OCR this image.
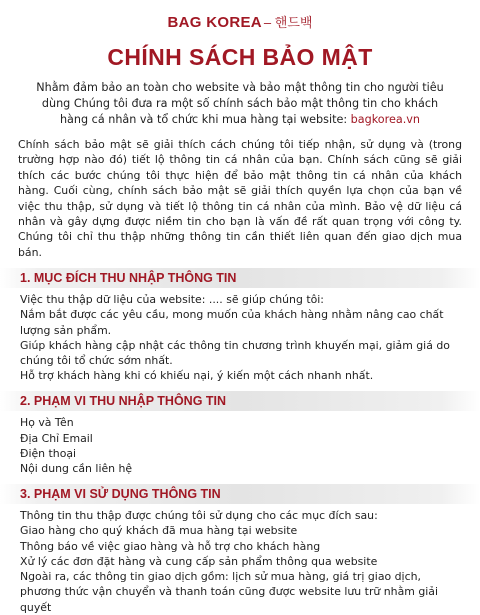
BAG KOREA – 핸드백
CHÍNH SÁCH BẢO MẬT
Nhằm đảm bảo an toàn cho website và bảo mật thông tin cho người tiêu dùng Chúng tôi đưa ra một số chính sách bảo mật thông tin cho khách hàng cá nhân và tổ chức khi mua hàng tại website: bagkorea.vn

Chính sách bảo mật sẽ giải thích cách chúng tôi tiếp nhận, sử dụng và (trong trường hợp nào đó) tiết lộ thông tin cá nhân của bạn. Chính sách cũng sẽ giải thích các bước chúng tôi thực hiện để bảo mật thông tin cá nhân của khách hàng. Cuối cùng, chính sách bảo mật sẽ giải thích quyền lựa chọn của bạn về việc thu thập, sử dụng và tiết lộ thông tin cá nhân của mình. Bảo vệ dữ liệu cá nhân và gây dựng được niềm tin cho bạn là vấn đề rất quan trọng với công ty. Chúng tôi chỉ thu thập những thông tin cần thiết liên quan đến giao dịch mua bán.

1. MỤC ĐÍCH THU NHẬP THÔNG TIN
Việc thu thập dữ liệu của website: .... sẽ giúp chúng tôi:
Nắm bắt được các yêu cầu, mong muốn của khách hàng nhằm nâng cao chất lượng sản phẩm.
Giúp khách hàng cập nhật các thông tin chương trình khuyến mại, giảm giá do chúng tôi tổ chức sớm nhất.
Hỗ trợ khách hàng khi có khiếu nại, ý kiến một cách nhanh nhất.
2. PHẠM VI THU NHẬP THÔNG TIN
Họ và Tên
Địa Chỉ Email
Điện thoại
Nội dung cần liên hệ
3. PHẠM VI SỬ DỤNG THÔNG TIN
Thông tin thu thập được chúng tôi sử dụng cho các mục đích sau:
Giao hàng cho quý khách đã mua hàng tại website
Thông báo về việc giao hàng và hỗ trợ cho khách hàng
Xử lý các đơn đặt hàng và cung cấp sản phẩm thông qua website
Ngoài ra, các thông tin giao dịch gồm: lịch sử mua hàng, giá trị giao dịch, phương thức vận chuyển và thanh toán cũng được website lưu trữ nhằm giải quyết
